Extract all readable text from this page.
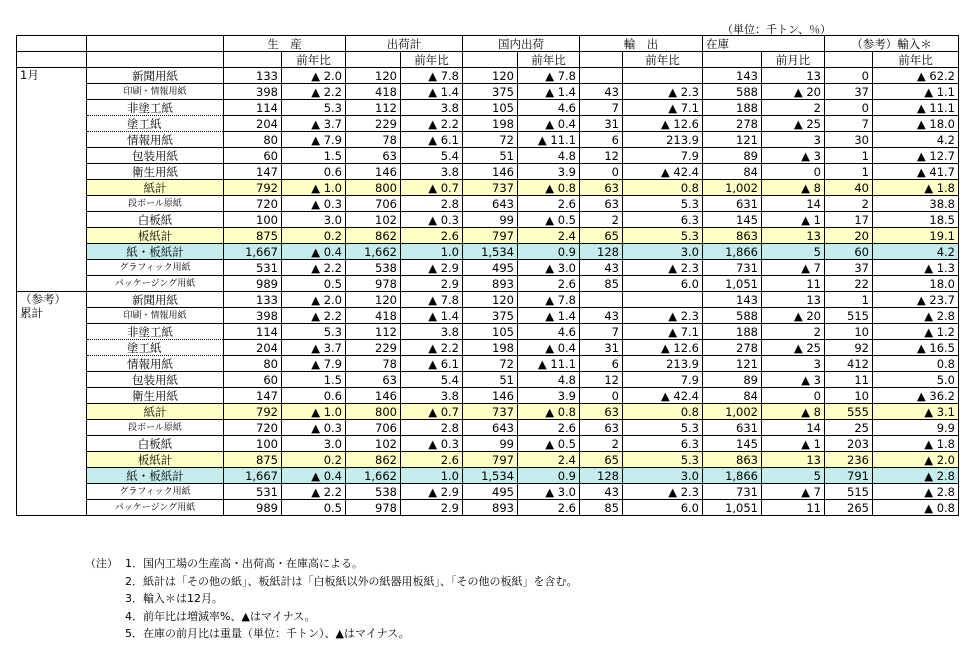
（単位：千トン、％）
		生　産		出荷計		国内出荷		輸　出		在庫		（参考）輸入＊	
			前年比		前年比		前年比		前年比		前月比		前年比

1月	新聞用紙	133	▲ 2.0	120	▲ 7.8	120	▲ 7.8			143	13	0	▲ 62.2
	印刷・情報用紙	398	▲ 2.2	418	▲ 1.4	375	▲ 1.4	43	▲ 2.3	588	▲ 20	37	▲ 1.1
	非塗工紙	114	5.3	112	3.8	105	4.6	7	▲ 7.1	188	2	0	▲ 11.1
	塗工紙	204	▲ 3.7	229	▲ 2.2	198	▲ 0.4	31	▲ 12.6	278	▲ 25	7	▲ 18.0
	情報用紙	80	▲ 7.9	78	▲ 6.1	72	▲ 11.1	6	213.9	121	3	30	4.2
	包装用紙	60	1.5	63	5.4	51	4.8	12	7.9	89	▲ 3	1	▲ 12.7
	衛生用紙	147	0.6	146	3.8	146	3.9	0	▲ 42.4	84	0	1	▲ 41.7
	紙計	792	▲ 1.0	800	▲ 0.7	737	▲ 0.8	63	0.8	1,002	▲ 8	40	▲ 1.8
	段ボール原紙	720	▲ 0.3	706	2.8	643	2.6	63	5.3	631	14	2	38.8
	白板紙	100	3.0	102	▲ 0.3	99	▲ 0.5	2	6.3	145	▲ 1	17	18.5
	板紙計	875	0.2	862	2.6	797	2.4	65	5.3	863	13	20	19.1
	紙・板紙計	1,667	▲ 0.4	1,662	1.0	1,534	0.9	128	3.0	1,866	5	60	4.2
	グラフィック用紙	531	▲ 2.2	538	▲ 2.9	495	▲ 3.0	43	▲ 2.3	731	▲ 7	37	▲ 1.3
	パッケージング用紙	989	0.5	978	2.9	893	2.6	85	6.0	1,051	11	22	18.0

（参考）
累計	新聞用紙	133	▲ 2.0	120	▲ 7.8	120	▲ 7.8			143	13	1	▲ 23.7
	印刷・情報用紙	398	▲ 2.2	418	▲ 1.4	375	▲ 1.4	43	▲ 2.3	588	▲ 20	515	▲ 2.8
	非塗工紙	114	5.3	112	3.8	105	4.6	7	▲ 7.1	188	2	10	▲ 1.2
	塗工紙	204	▲ 3.7	229	▲ 2.2	198	▲ 0.4	31	▲ 12.6	278	▲ 25	92	▲ 16.5
	情報用紙	80	▲ 7.9	78	▲ 6.1	72	▲ 11.1	6	213.9	121	3	412	0.8
	包装用紙	60	1.5	63	5.4	51	4.8	12	7.9	89	▲ 3	11	5.0
	衛生用紙	147	0.6	146	3.8	146	3.9	0	▲ 42.4	84	0	10	▲ 36.2
	紙計	792	▲ 1.0	800	▲ 0.7	737	▲ 0.8	63	0.8	1,002	▲ 8	555	▲ 3.1
	段ボール原紙	720	▲ 0.3	706	2.8	643	2.6	63	5.3	631	14	25	9.9
	白板紙	100	3.0	102	▲ 0.3	99	▲ 0.5	2	6.3	145	▲ 1	203	▲ 1.8
	板紙計	875	0.2	862	2.6	797	2.4	65	5.3	863	13	236	▲ 2.0
	紙・板紙計	1,667	▲ 0.4	1,662	1.0	1,534	0.9	128	3.0	1,866	5	791	▲ 2.8
	グラフィック用紙	531	▲ 2.2	538	▲ 2.9	495	▲ 3.0	43	▲ 2.3	731	▲ 7	515	▲ 2.8
	パッケージング用紙	989	0.5	978	2.9	893	2.6	85	6.0	1,051	11	265	▲ 0.8
（注） 1．国内工場の生産高・出荷高・在庫高による。
2．紙計は「その他の紙」、板紙計は「白板紙以外の紙器用板紙」、「その他の板紙」を含む。
3．輸入＊は12月。
4．前年比は増減率%、▲はマイナス。
5．在庫の前月比は重量（単位：千トン）、▲はマイナス。
